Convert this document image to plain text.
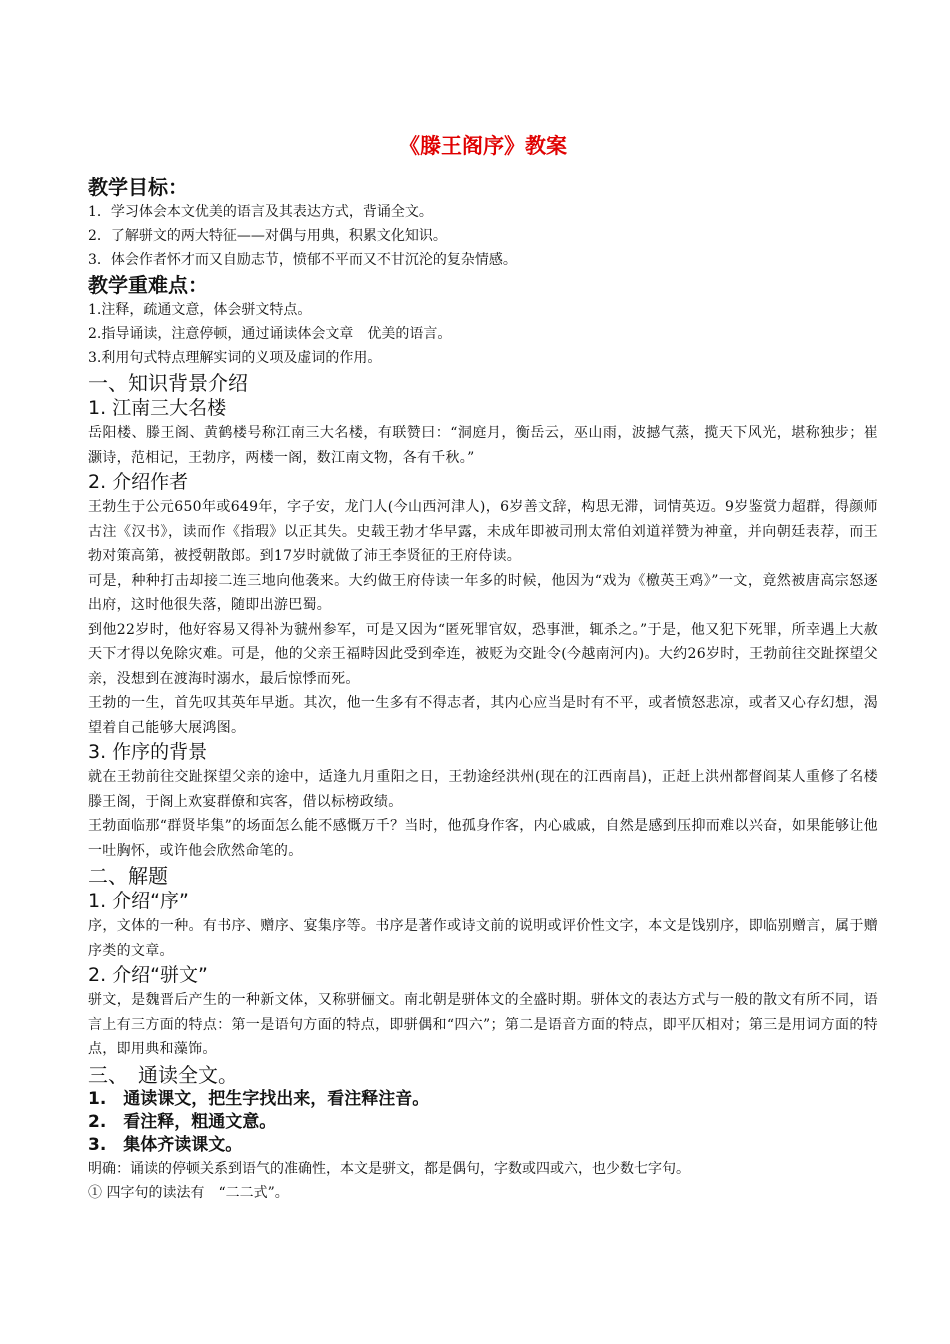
《滕王阁序》教案
教学目标：
1．学习体会本文优美的语言及其表达方式，背诵全文。
2．了解骈文的两大特征——对偶与用典，积累文化知识。
3．体会作者怀才而又自励志节，愤郁不平而又不甘沉沦的复杂情感。
教学重难点：
1.注释，疏通文意，体会骈文特点。
2.指导诵读，注意停顿，通过诵读体会文章　优美的语言。
3.利用句式特点理解实词的义项及虚词的作用。
一、知识背景介绍
1. 江南三大名楼
岳阳楼、滕王阁、黄鹤楼号称江南三大名楼，有联赞曰：“洞庭月，衡岳云，巫山雨，波撼气蒸，揽天下风光，堪称独步；崔灏诗，范相记，王勃序，两楼一阁，数江南文物，各有千秋。”
2. 介绍作者
王勃生于公元650年或649年，字子安，龙门人(今山西河津人)，6岁善文辞，构思无滞，词情英迈。9岁鉴赏力超群，得颜师古注《汉书》，读而作《指瑕》以正其失。史载王勃才华早露，未成年即被司刑太常伯刘道祥赞为神童，并向朝廷表荐，而王勃对策高第，被授朝散郎。到17岁时就做了沛王李贤征的王府侍读。
可是，种种打击却接二连三地向他袭来。大约做王府侍读一年多的时候，他因为“戏为《檄英王鸡》”一文，竟然被唐高宗怒逐出府，这时他很失落，随即出游巴蜀。
到他22岁时，他好容易又得补为虢州参军，可是又因为“匿死罪官奴，恐事泄，辄杀之。”于是，他又犯下死罪，所幸遇上大赦天下才得以免除灾难。可是，他的父亲王福畤因此受到牵连，被贬为交趾令(今越南河内)。大约26岁时，王勃前往交趾探望父亲，没想到在渡海时溺水，最后惊悸而死。
王勃的一生，首先叹其英年早逝。其次，他一生多有不得志者，其内心应当是时有不平，或者愤怒悲凉，或者又心存幻想，渴望着自己能够大展鸿图。
3. 作序的背景
就在王勃前往交趾探望父亲的途中，适逢九月重阳之日，王勃途经洪州(现在的江西南昌)，正赶上洪州都督阎某人重修了名楼滕王阁，于阁上欢宴群僚和宾客，借以标榜政绩。
王勃面临那“群贤毕集”的场面怎么能不感慨万千？当时，他孤身作客，内心戚戚，自然是感到压抑而难以兴奋，如果能够让他一吐胸怀，或许他会欣然命笔的。
二、解题
1. 介绍“序”
序，文体的一种。有书序、赠序、宴集序等。书序是著作或诗文前的说明或评价性文字，本文是饯别序，即临别赠言，属于赠序类的文章。
2. 介绍“骈文”
骈文，是魏晋后产生的一种新文体，又称骈俪文。南北朝是骈体文的全盛时期。骈体文的表达方式与一般的散文有所不同，语言上有三方面的特点：第一是语句方面的特点，即骈偶和“四六”；第二是语音方面的特点，即平仄相对；第三是用词方面的特点，即用典和藻饰。
三、　通读全文。
1.　通读课文，把生字找出来，看注释注音。
2.　看注释，粗通文意。
3.　集体齐读课文。
明确：诵读的停顿关系到语气的准确性，本文是骈文，都是偶句，字数或四或六，也少数七字句。
① 四字句的读法有　“二二式”。
